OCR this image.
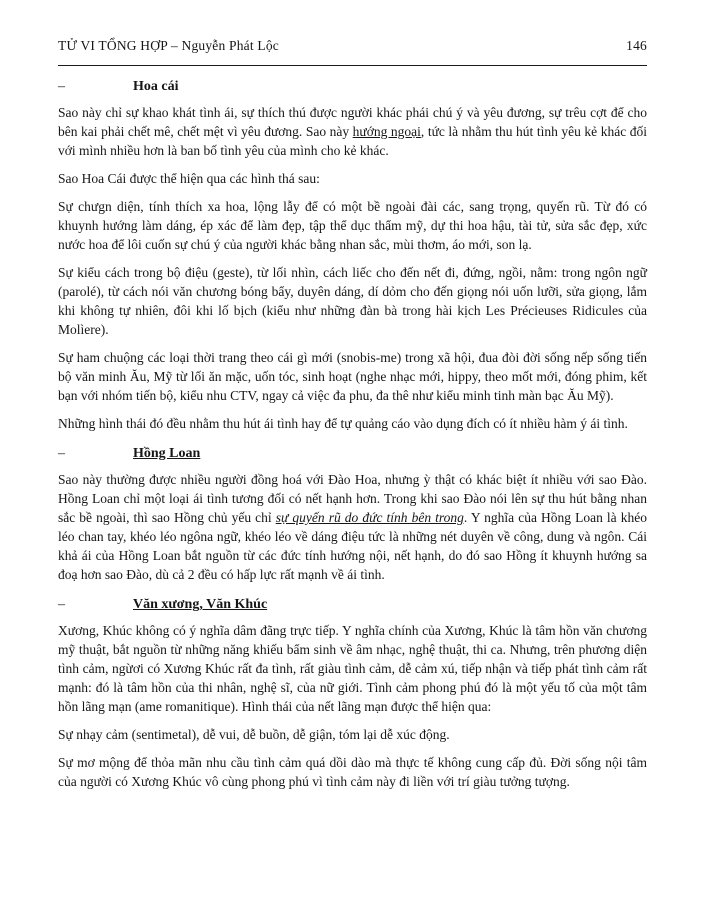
TỬ VI TỔNG HỢP – Nguyễn Phát Lộc	146
–	Hoa cái

Sao này chỉ sự khao khát tình ái, sự thích thú được người khác phái chú ý và yêu đương, sự trêu cợt để cho bên kai phải chết mê, chết mệt vì yêu đương. Sao này hướng ngoại, tức là nhằm thu hút tình yêu kẻ khác đối với mình nhiều hơn là ban bố tình yêu của mình cho kẻ khác.

Sao Hoa Cái được thể hiện qua các hình thá sau:

Sự chưgn diện, tính thích xa hoa, lộng lẫy để có một bề ngoài đài các, sang trọng, quyến rũ. Từ đó có khuynh hướng làm dáng, ép xác để làm đẹp, tập thể dục thẩm mỹ, dự thi hoa hậu, tài tử, sửa sắc đẹp, xức nước hoa để lôi cuốn sự chú ý của người khác bằng nhan sắc, mùi thơm, áo mới, son lạ.

Sự kiểu cách trong bộ điệu (geste), từ lối nhìn, cách liếc cho đến nết đi, đứng, ngồi, nằm: trong ngôn ngữ (parolé), từ cách nói văn chương bóng bẩy, duyên dáng, dí dỏm cho đến giọng nói uốn lưỡi, sửa giọng, lắm khi không tự nhiên, đôi khi lố bịch (kiểu như những đàn bà trong hài kịch Les Précieuses Ridicules của Molìere).

Sự ham chuộng các loại thời trang theo cái gì mới (snobis-me) trong xã hội, đua đòi đời sống nếp sống tiến bộ văn minh Ău, Mỹ từ lối ăn mặc, uốn tóc, sinh hoạt (nghe nhạc mới, hippy, theo mốt mới, đóng phim, kết bạn với nhóm tiến bộ, kiểu nhu CTV, ngay cả việc đa phu, đa thê như kiểu minh tinh màn bạc Ău Mỹ).

Những hình thái đó đều nhằm thu hút ái tình hay để tự quảng cáo vào dụng đích có ít nhiều hàm ý ái tình.

–	Hồng Loan

Sao này thường được nhiều người đồng hoá với Đào Hoa, nhưng ỳ thật có khác biệt ít nhiều với sao Đào. Hồng Loan chỉ một loại ái tình tương đối có nết hạnh hơn. Trong khi sao Đào nói lên sự thu hút bằng nhan sắc bề ngoài, thì sao Hồng chủ yếu chỉ sự quyến rũ do đức tính bên trong. Y nghĩa của Hồng Loan là khéo léo chan tay, khéo léo ngôna ngữ, khéo léo về dáng điệu tức là những nét duyên về công, dung và ngôn. Cái khả ái của Hồng Loan bắt nguồn từ các đức tính hướng nội, nết hạnh, do đó sao Hồng ít khuynh hướng sa đoạ hơn sao Đào, dù cả 2 đều có hấp lực rất mạnh về ái tình.

–	Văn xương, Văn Khúc

Xương, Khúc không có ý nghĩa dâm đãng trực tiếp. Y nghĩa chính của Xương, Khúc là tâm hồn văn chương mỹ thuật, bắt nguồn từ những năng khiếu bẩm sinh về âm nhạc, nghệ thuật, thi ca. Nhưng, trên phương diện tình cảm, ngừơi có Xương Khúc rất đa tình, rất giàu tình cảm, dễ cảm xú, tiếp nhận và tiếp phát tình cảm rất mạnh: đó là tâm hồn của thi nhân, nghệ sĩ, của nữ giới. Tình cảm phong phú đó là một yếu tố của một tâm hồn lãng mạn (ame romanitique). Hình thái của nết lãng mạn được thể hiện qua:

Sự nhạy cảm (sentimetal), dễ vui, dễ buồn, dễ giận, tóm lại dễ xúc động.

Sự mơ mộng để thỏa mãn nhu cầu tình cảm quá dồi dào mà thực tế không cung cấp đủ. Đời sống nội tâm của người có Xương Khúc vô cùng phong phú vì tình cảm này đi liền với trí giàu tưởng tượng.
